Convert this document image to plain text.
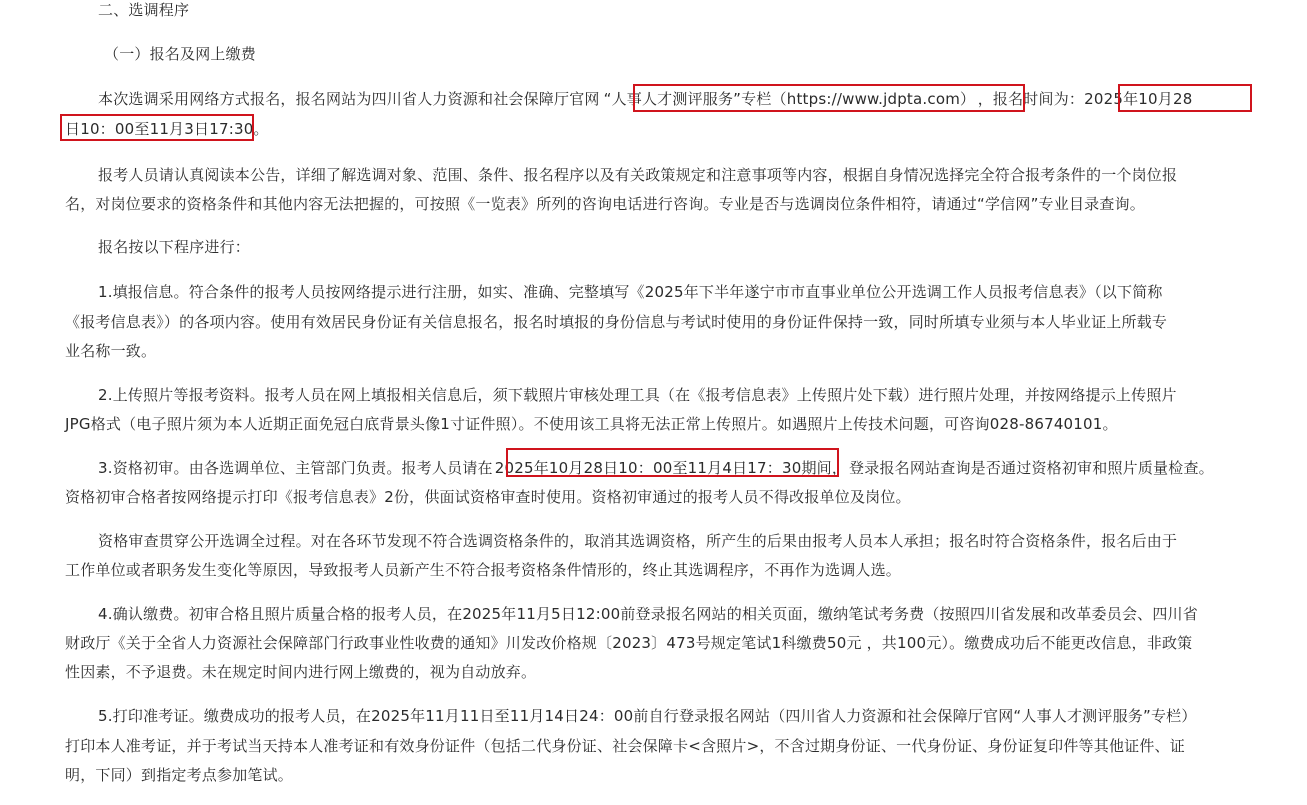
二、选调程序
（一）报名及网上缴费
本次选调采用网络方式报名，报名网站为四川省人力资源和社会保障厅官网 “人事人才测评服务”专栏（https://www.jdpta.com） ，报名时间为：2025年10月28
日10：00至11月3日17:30。
报考人员请认真阅读本公告，详细了解选调对象、范围、条件、报名程序以及有关政策规定和注意事项等内容，根据自身情况选择完全符合报考条件的一个岗位报
名，对岗位要求的资格条件和其他内容无法把握的，可按照《一览表》所列的咨询电话进行咨询。专业是否与选调岗位条件相符，请通过“学信网”专业目录查询。
报名按以下程序进行：
1.填报信息。符合条件的报考人员按网络提示进行注册，如实、准确、完整填写《2025年下半年遂宁市市直事业单位公开选调工作人员报考信息表》（以下简称
《报考信息表》）的各项内容。使用有效居民身份证有关信息报名，报名时填报的身份信息与考试时使用的身份证件保持一致，同时所填专业须与本人毕业证上所载专
业名称一致。
2.上传照片等报考资料。报考人员在网上填报相关信息后，须下载照片审核处理工具（在《报考信息表》上传照片处下载）进行照片处理，并按网络提示上传照片
JPG格式（电子照片须为本人近期正面免冠白底背景头像1寸证件照）。不使用该工具将无法正常上传照片。如遇照片上传技术问题，可咨询028-86740101。
3.资格初审。由各选调单位、主管部门负责。报考人员请在 2025年10月28日10：00至11月4日17：30期间， 登录报名网站查询是否通过资格初审和照片质量检查。
资格初审合格者按网络提示打印《报考信息表》2份，供面试资格审查时使用。资格初审通过的报考人员不得改报单位及岗位。
资格审查贯穿公开选调全过程。对在各环节发现不符合选调资格条件的，取消其选调资格，所产生的后果由报考人员本人承担；报名时符合资格条件，报名后由于
工作单位或者职务发生变化等原因，导致报考人员新产生不符合报考资格条件情形的，终止其选调程序，不再作为选调人选。
4.确认缴费。初审合格且照片质量合格的报考人员，在2025年11月5日12:00前登录报名网站的相关页面，缴纳笔试考务费（按照四川省发展和改革委员会、四川省
财政厅《关于全省人力资源社会保障部门行政事业性收费的通知》川发改价格规〔2023〕473号规定笔试1科缴费50元 ，共100元）。缴费成功后不能更改信息，非政策
性因素，不予退费。未在规定时间内进行网上缴费的，视为自动放弃。
5.打印准考证。缴费成功的报考人员，在2025年11月11日至11月14日24：00前自行登录报名网站（四川省人力资源和社会保障厅官网“人事人才测评服务”专栏）
打印本人准考证，并于考试当天持本人准考证和有效身份证件（包括二代身份证、社会保障卡<含照片>，不含过期身份证、一代身份证、身份证复印件等其他证件、证
明，下同）到指定考点参加笔试。
